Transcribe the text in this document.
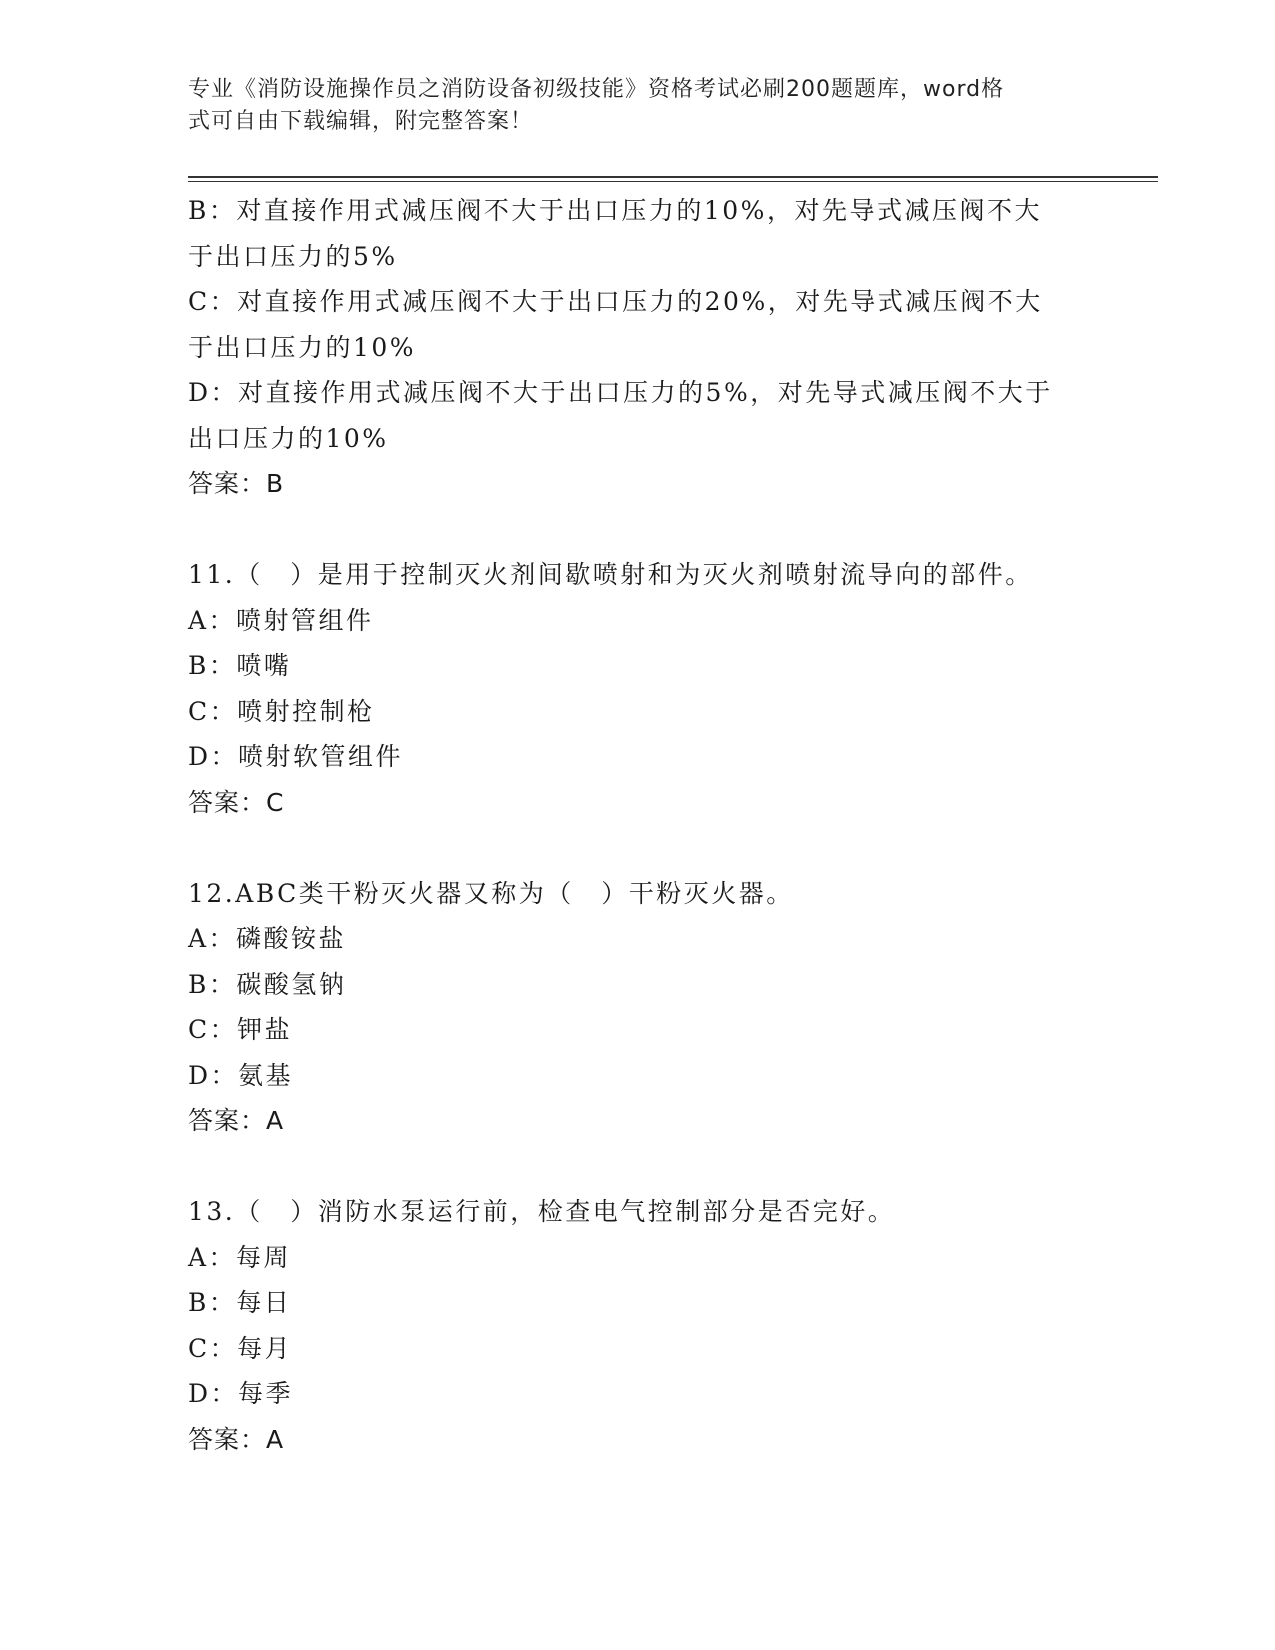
专业《消防设施操作员之消防设备初级技能》资格考试必刷200题题库，word格
式可自由下载编辑，附完整答案！
B：对直接作用式减压阀不大于出口压力的10%，对先导式减压阀不大
于出口压力的5%
C：对直接作用式减压阀不大于出口压力的20%，对先导式减压阀不大
于出口压力的10%
D：对直接作用式减压阀不大于出口压力的5%，对先导式减压阀不大于
出口压力的10%
答案：B
11.（　）是用于控制灭火剂间歇喷射和为灭火剂喷射流导向的部件。
A：喷射管组件
B：喷嘴
C：喷射控制枪
D：喷射软管组件
答案：C
12.ABC类干粉灭火器又称为（　）干粉灭火器。
A：磷酸铵盐
B：碳酸氢钠
C：钾盐
D：氨基
答案：A
13.（　）消防水泵运行前，检查电气控制部分是否完好。
A：每周
B：每日
C：每月
D：每季
答案：A
